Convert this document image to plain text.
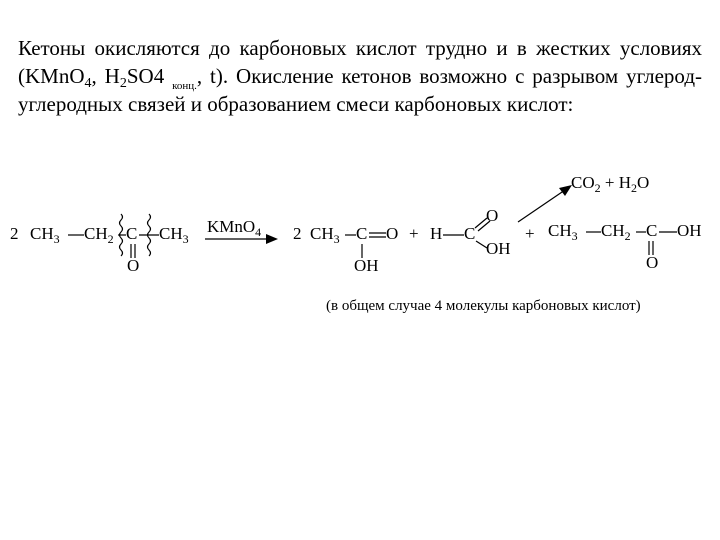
Кетоны окисляются до карбоновых кислот трудно и в жестких условиях (KMnO$_4$, $H_2SO4$ $_{конц.}$, t). Окисление кетонов возможно с разрывом углерод-углеродных связей и образованием смеси карбоновых кислот:
2 $CH_3$ $CH_2$ C $CH_3$
O
KMnO$_4$ 2 $CH_3$ C O
OH
+ H C
O
OH
+
$CO_2 + H_2O$
$CH_3$ $CH_2$ C OH
O
(в общем случае 4 молекулы карбоновых кислот)
